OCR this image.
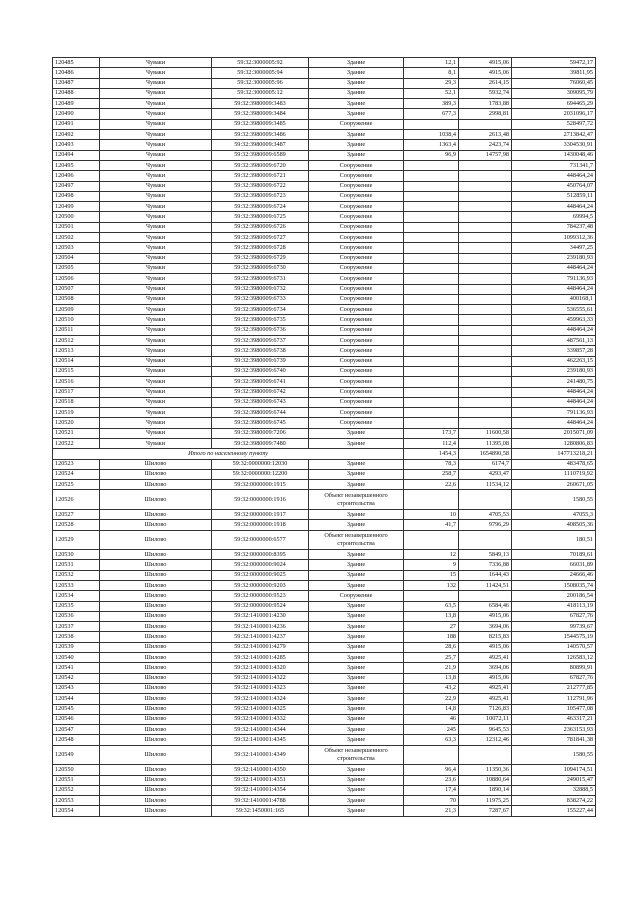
120485	Чуваки	59:32:3000005:92	Здание	12,1	4915,06	59472,17
120486	Чуваки	59:32:3000005:94	Здание	8,1	4915,06	39811,95
120487	Чуваки	59:32:3000005:96	Здание	29,3	2614,15	76060,45
120488	Чуваки	59:32:3000005:12	Здание	52,1	5932,74	309095,79
120489	Чуваки	59:32:3980009:3483	Здание	389,3	1783,88	694465,29
120490	Чуваки	59:32:3980009:3484	Здание	677,3	2998,81	2031096,17
120491	Чуваки	59:32:3980009:3485	Сооружение			528497,72
120492	Чуваки	59:32:3980009:3486	Здание	1038,4	2613,48	2713842,47
120493	Чуваки	59:32:3980009:3487	Здание	1363,4	2423,74	3304530,91
120494	Чуваки	59:32:3980009:6589	Здание	96,9	14757,98	1430048,46
120495	Чуваки	59:32:3980009:6720	Сооружение			731341,7
120496	Чуваки	59:32:3980009:6721	Сооружение			448464,24
120497	Чуваки	59:32:3980009:6722	Сооружение			450764,07
120498	Чуваки	59:32:3980009:6723	Сооружение			512859,11
120499	Чуваки	59:32:3980009:6724	Сооружение			448464,24
120500	Чуваки	59:32:3980009:6725	Сооружение			69994,5
120501	Чуваки	59:32:3980009:6726	Сооружение			784237,48
120502	Чуваки	59:32:3980009:6727	Сооружение			1099312,36
120503	Чуваки	59:32:3980009:6728	Сооружение			34497,25
120504	Чуваки	59:32:3980009:6729	Сооружение			239180,93
120505	Чуваки	59:32:3980009:6730	Сооружение			448464,24
120506	Чуваки	59:32:3980009:6731	Сооружение			791136,93
120507	Чуваки	59:32:3980009:6732	Сооружение			448464,24
120508	Чуваки	59:32:3980009:6733	Сооружение			400168,1
120509	Чуваки	59:32:3980009:6734	Сооружение			536555,61
120510	Чуваки	59:32:3980009:6735	Сооружение			459963,33
120511	Чуваки	59:32:3980009:6736	Сооружение			448464,24
120512	Чуваки	59:32:3980009:6737	Сооружение			487561,13
120513	Чуваки	59:32:3980009:6738	Сооружение			339857,28
120514	Чуваки	59:32:3980009:6739	Сооружение			462263,15
120515	Чуваки	59:32:3980009:6740	Сооружение			239180,93
120516	Чуваки	59:32:3980009:6741	Сооружение			241480,75
120517	Чуваки	59:32:3980009:6742	Сооружение			448464,24
120518	Чуваки	59:32:3980009:6743	Сооружение			448464,24
120519	Чуваки	59:32:3980009:6744	Сооружение			791136,93
120520	Чуваки	59:32:3980009:6745	Сооружение			448464,24
120521	Чуваки	59:32:3980009:7206	Здание	173,7	11600,58	2015071,09
120522	Чуваки	59:32:3980009:7480	Здание	112,4	11395,08	1280806,83
Итого по населенному пункту				1454,3	1654890,58	147713218,21
120523	Шилово	59:32:0000000:12030	Здание	78,3	6174,7	483478,65
120524	Шилово	59:32:0000000:12200	Здание	258,7	4293,47	1110719,92
120525	Шилово	59:32:0000000:1915	Здание	22,6	11534,12	260671,05
120526	Шилово	59:32:0000000:1916	Объект незавершенного строительства			1580,55
120527	Шилово	59:32:0000000:1917	Здание	10	4705,53	47055,3
120528	Шилово	59:32:0000000:1918	Здание	41,7	9796,29	408505,36
120529	Шилово	59:32:0000000:6577	Объект незавершенного строительства			180,51
120530	Шилово	59:32:0000000:8395	Здание	12	5849,13	70189,61
120531	Шилово	59:32:0000000:9024	Здание	9	7336,88	66031,89
120532	Шилово	59:32:0000000:9025	Здание	15	1644,43	24666,46
120533	Шилово	59:32:0000000:9203	Здание	132	11424,51	1508035,74
120534	Шилово	59:32:0000000:9523	Сооружение			200186,54
120535	Шилово	59:32:0000000:9524	Здание	63,5	6584,46	418113,19
120536	Шилово	59:32:1410001:4230	Здание	13,8	4915,06	67827,76
120537	Шилово	59:32:1410001:4236	Здание	27	3694,06	99739,67
120538	Шилово	59:32:1410001:4237	Здание	188	8215,83	1544575,19
120539	Шилово	59:32:1410001:4279	Здание	28,6	4915,06	140570,57
120540	Шилово	59:32:1410001:4285	Здание	25,7	4925,41	126583,12
120541	Шилово	59:32:1410001:4320	Здание	21,9	3694,06	80899,91
120542	Шилово	59:32:1410001:4322	Здание	13,8	4915,06	67827,76
120543	Шилово	59:32:1410001:4323	Здание	43,2	4925,41	212777,85
120544	Шилово	59:32:1410001:4324	Здание	22,9	4925,41	112791,96
120545	Шилово	59:32:1410001:4325	Здание	14,8	7126,83	105477,08
120546	Шилово	59:32:1410001:4332	Здание	46	10072,11	463317,21
120547	Шилово	59:32:1410001:4344	Здание	245	9645,53	2363153,93
120548	Шилово	59:32:1410001:4345	Здание	63,3	12312,46	781841,38
120549	Шилово	59:32:1410001:4349	Объект незавершенного строительства			1580,55
120550	Шилово	59:32:1410001:4350	Здание	96,4	11350,36	1094174,51
120551	Шилово	59:32:1410001:4351	Здание	23,6	10880,64	249015,47
120552	Шилово	59:32:1410001:4354	Здание	17,4	1890,14	32888,5
120553	Шилово	59:32:1410001:4788	Здание	70	11975,25	838274,22
120554	Шилово	59:32:1450001:165	Здание	21,3	7287,67	155227,44
